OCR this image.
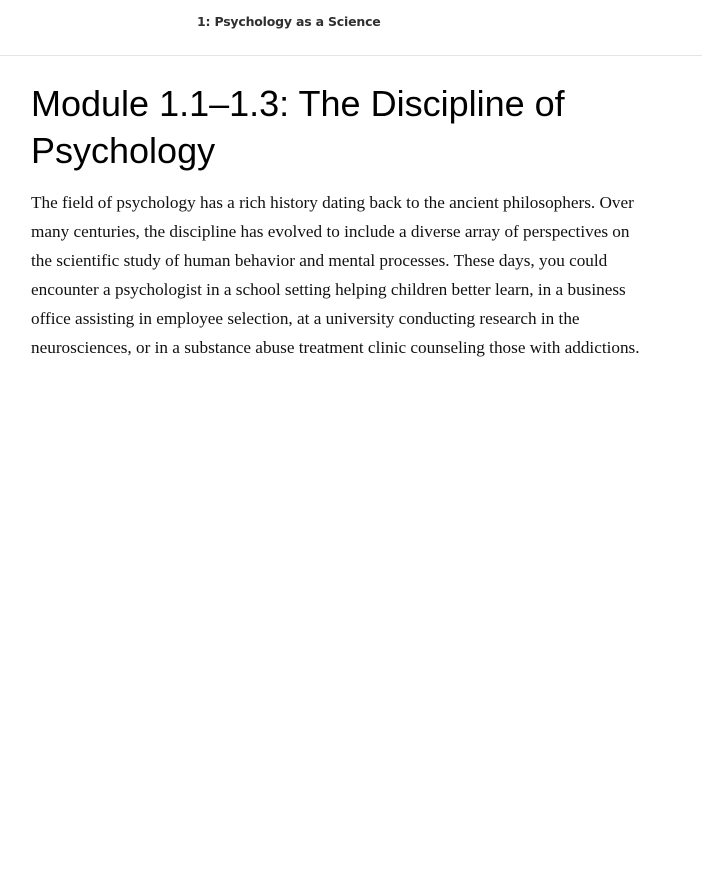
1: Psychology as a Science
Module 1.1–1.3: The Discipline of Psychology

The field of psychology has a rich history dating back to the ancient philosophers. Over many centuries, the discipline has evolved to include a diverse array of perspectives on the scientific study of human behavior and mental processes. These days, you could encounter a psychologist in a school setting helping children better learn, in a business office assisting in employee selection, at a university conducting research in the neurosciences, or in a substance abuse treatment clinic counseling those with addictions.
